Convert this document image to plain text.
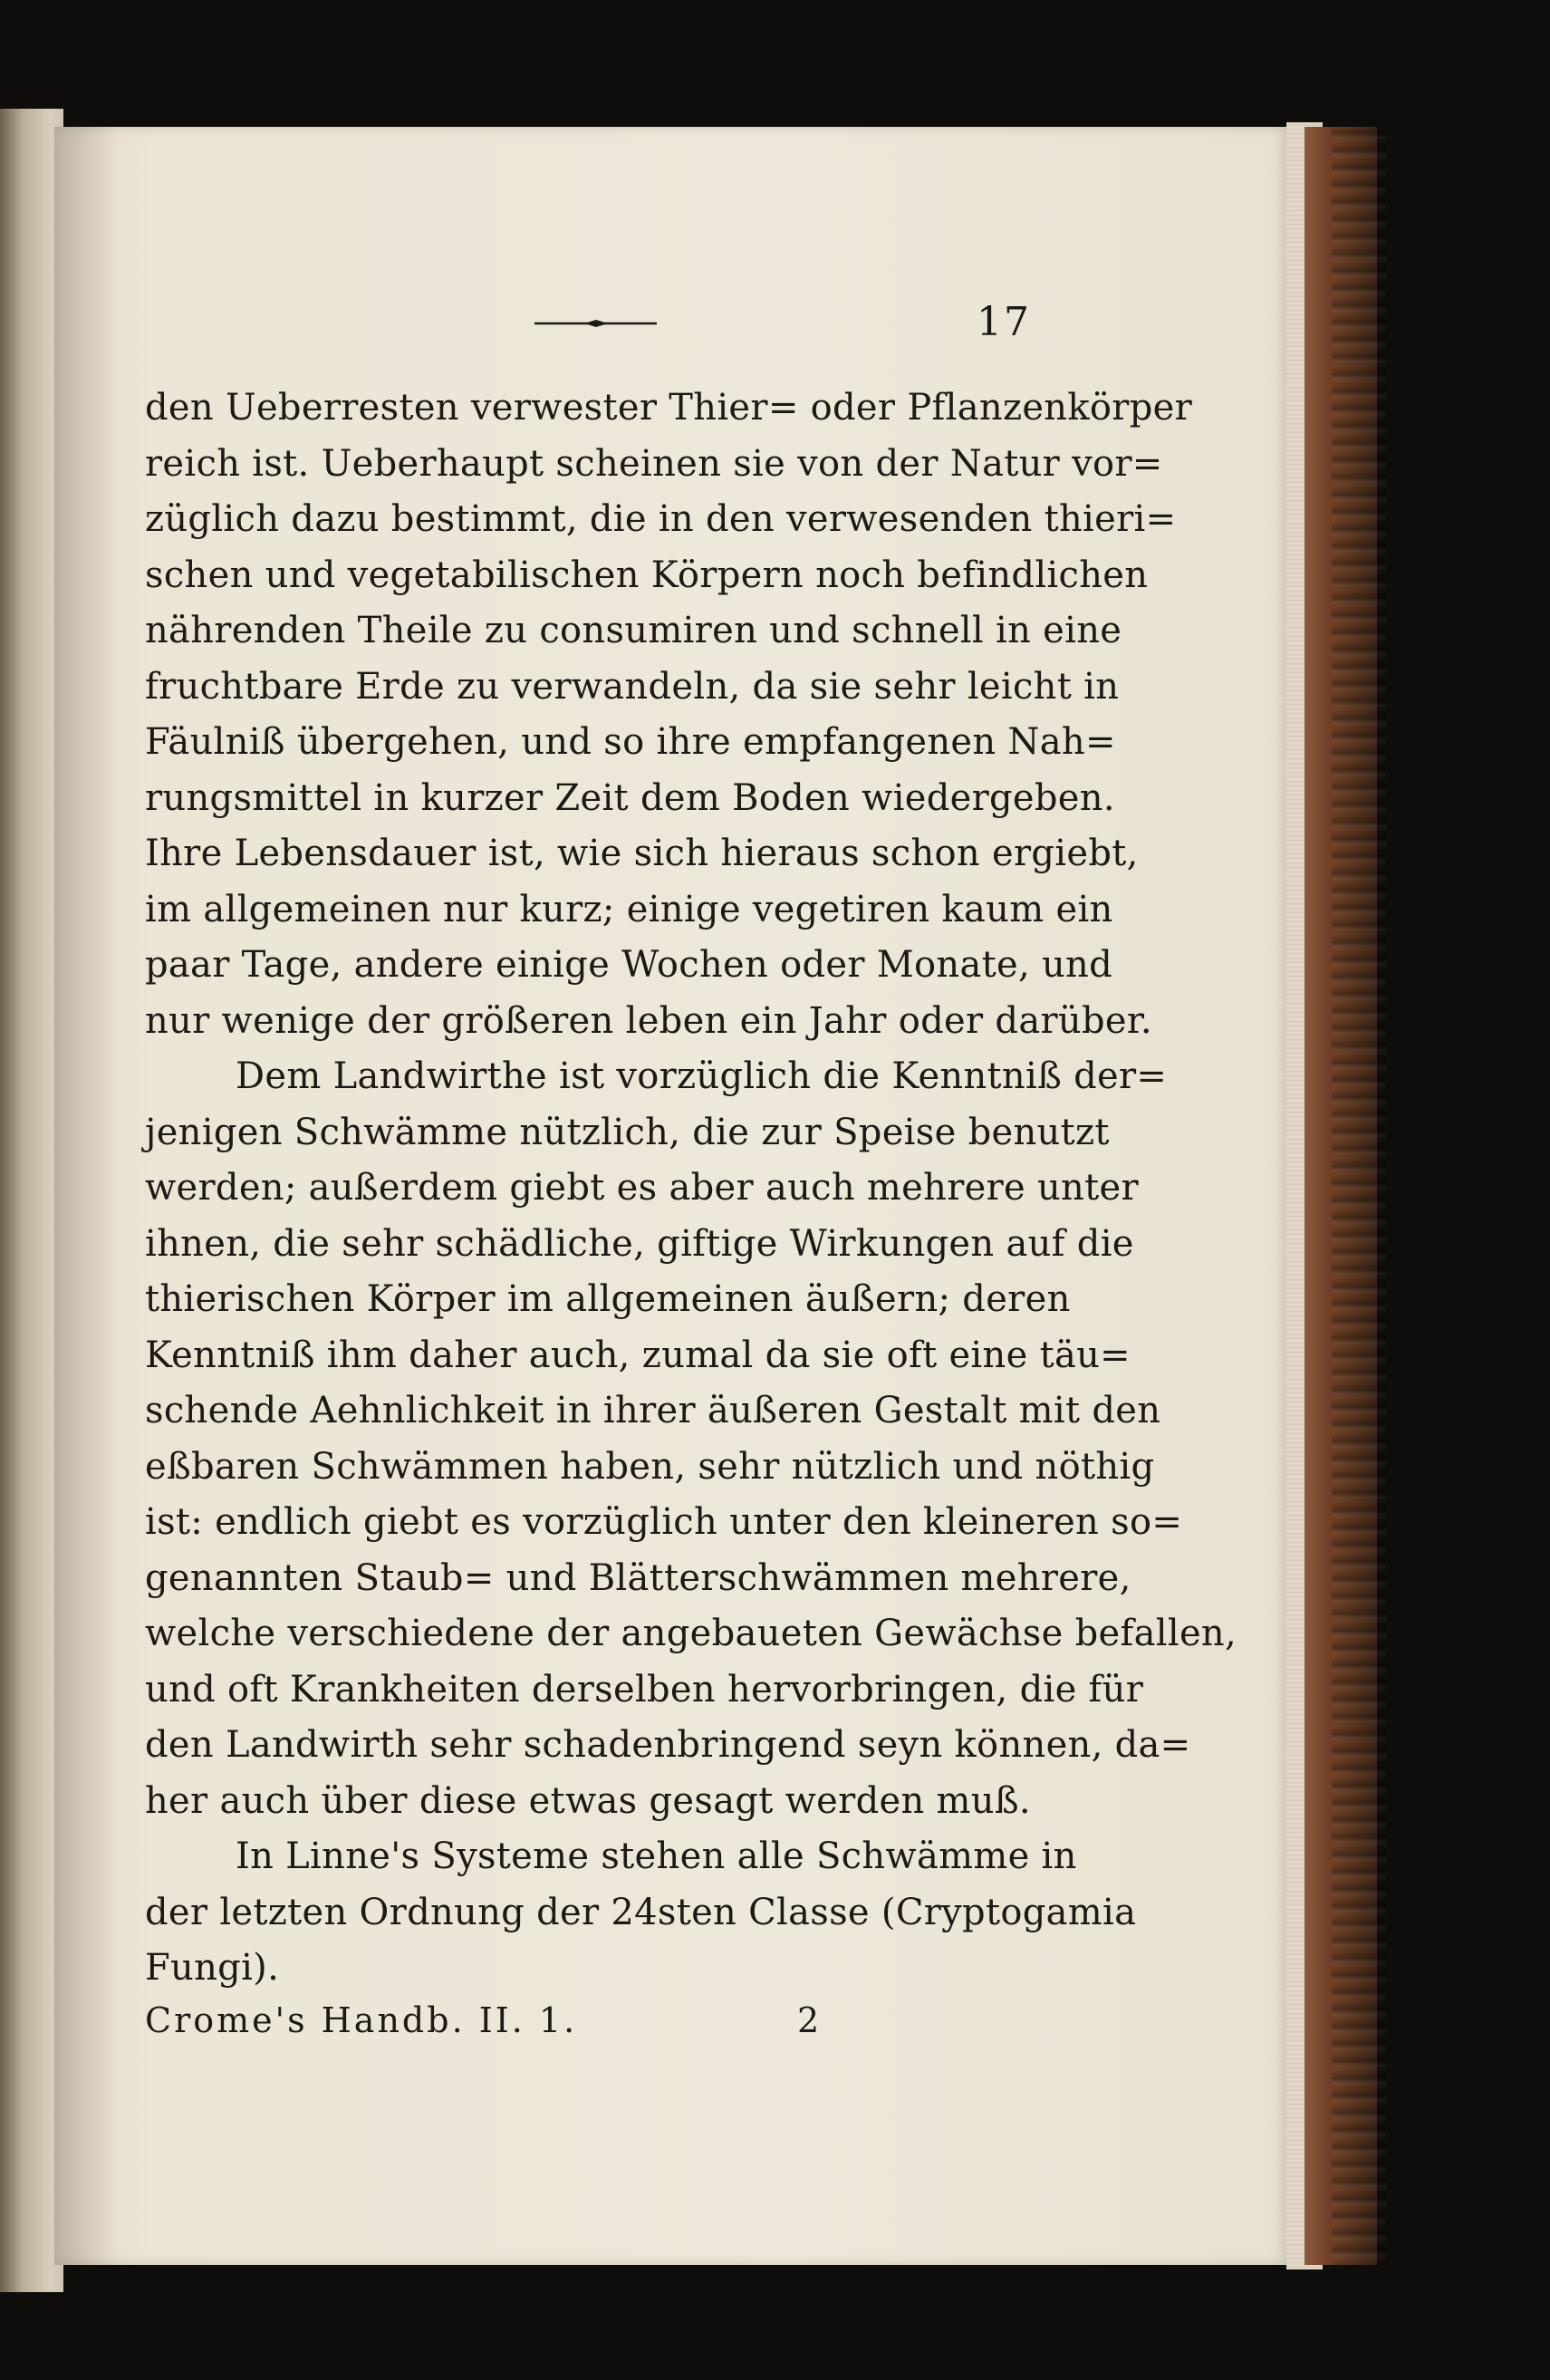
17
den Ueberresten verwester Thier= oder Pflanzenkörper
reich ist. Ueberhaupt scheinen sie von der Natur vor=
züglich dazu bestimmt, die in den verwesenden thieri=
schen und vegetabilischen Körpern noch befindlichen
nährenden Theile zu consumiren und schnell in eine
fruchtbare Erde zu verwandeln, da sie sehr leicht in
Fäulniß übergehen, und so ihre empfangenen Nah=
rungsmittel in kurzer Zeit dem Boden wiedergeben.
Ihre Lebensdauer ist, wie sich hieraus schon ergiebt,
im allgemeinen nur kurz; einige vegetiren kaum ein
paar Tage, andere einige Wochen oder Monate, und
nur wenige der größeren leben ein Jahr oder darüber.
Dem Landwirthe ist vorzüglich die Kenntniß der=
jenigen Schwämme nützlich, die zur Speise benutzt
werden; außerdem giebt es aber auch mehrere unter
ihnen, die sehr schädliche, giftige Wirkungen auf die
thierischen Körper im allgemeinen äußern; deren
Kenntniß ihm daher auch, zumal da sie oft eine täu=
schende Aehnlichkeit in ihrer äußeren Gestalt mit den
eßbaren Schwämmen haben, sehr nützlich und nöthig
ist: endlich giebt es vorzüglich unter den kleineren so=
genannten Staub= und Blätterschwämmen mehrere,
welche verschiedene der angebaueten Gewächse befallen,
und oft Krankheiten derselben hervorbringen, die für
den Landwirth sehr schadenbringend seyn können, da=
her auch über diese etwas gesagt werden muß.
In Linne's Systeme stehen alle Schwämme in
der letzten Ordnung der 24sten Classe (Cryptogamia
Fungi).
Crome's Handb. II. 1.	2
